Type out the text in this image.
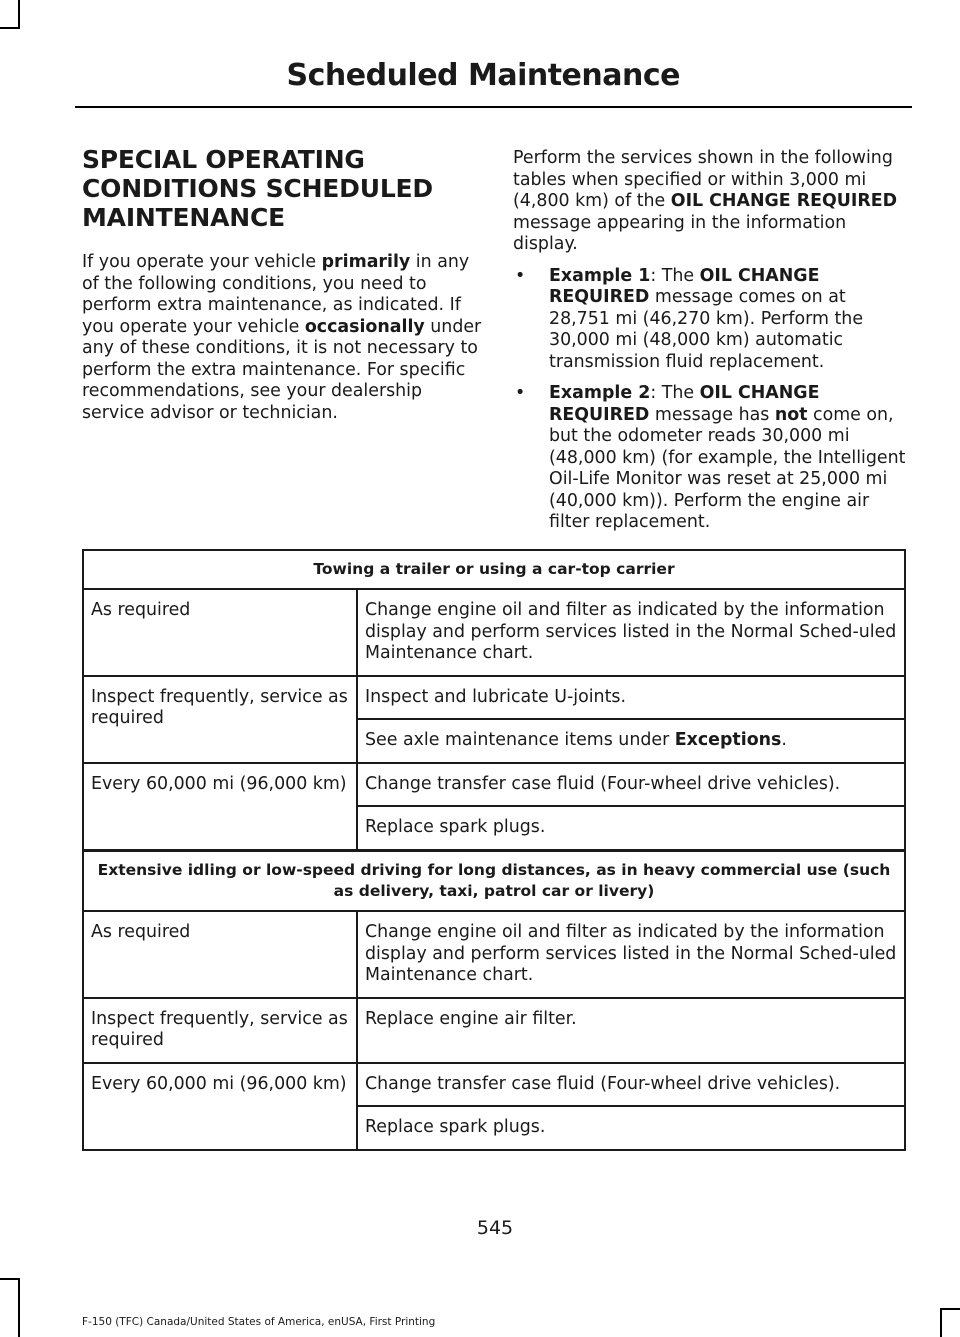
Scheduled Maintenance
SPECIAL OPERATING
CONDITIONS SCHEDULED
MAINTENANCE

If you operate your vehicle primarily in any of the following conditions, you need to perform extra maintenance, as indicated. If you operate your vehicle occasionally under any of these conditions, it is not necessary to perform the extra maintenance. For specific recommendations, see your dealership service advisor or technician.

Perform the services shown in the following tables when specified or within 3,000 mi (4,800 km) of the OIL CHANGE REQUIRED message appearing in the information display.

• Example 1: The OIL CHANGE REQUIRED message comes on at 28,751 mi (46,270 km). Perform the 30,000 mi (48,000 km) automatic transmission fluid replacement.
• Example 2: The OIL CHANGE REQUIRED message has not come on, but the odometer reads 30,000 mi (48,000 km) (for example, the Intelligent Oil-Life Monitor was reset at 25,000 mi (40,000 km)). Perform the engine air filter replacement.
Towing a trailer or using a car-top carrier	
As required	Change engine oil and filter as indicated by the information display and perform services listed in the Normal Sched-uled Maintenance chart.
Inspect frequently, service as required	Inspect and lubricate U-joints.
	See axle maintenance items under Exceptions.
Every 60,000 mi (96,000 km)	Change transfer case fluid (Four-wheel drive vehicles).
	Replace spark plugs.
Extensive idling or low-speed driving for long distances, as in heavy commercial use (such as delivery, taxi, patrol car or livery)	
As required	Change engine oil and filter as indicated by the information display and perform services listed in the Normal Sched-uled Maintenance chart.
Inspect frequently, service as required	Replace engine air filter.
Every 60,000 mi (96,000 km)	Change transfer case fluid (Four-wheel drive vehicles).
	Replace spark plugs.
545
F-150 (TFC) Canada/United States of America, enUSA, First Printing
